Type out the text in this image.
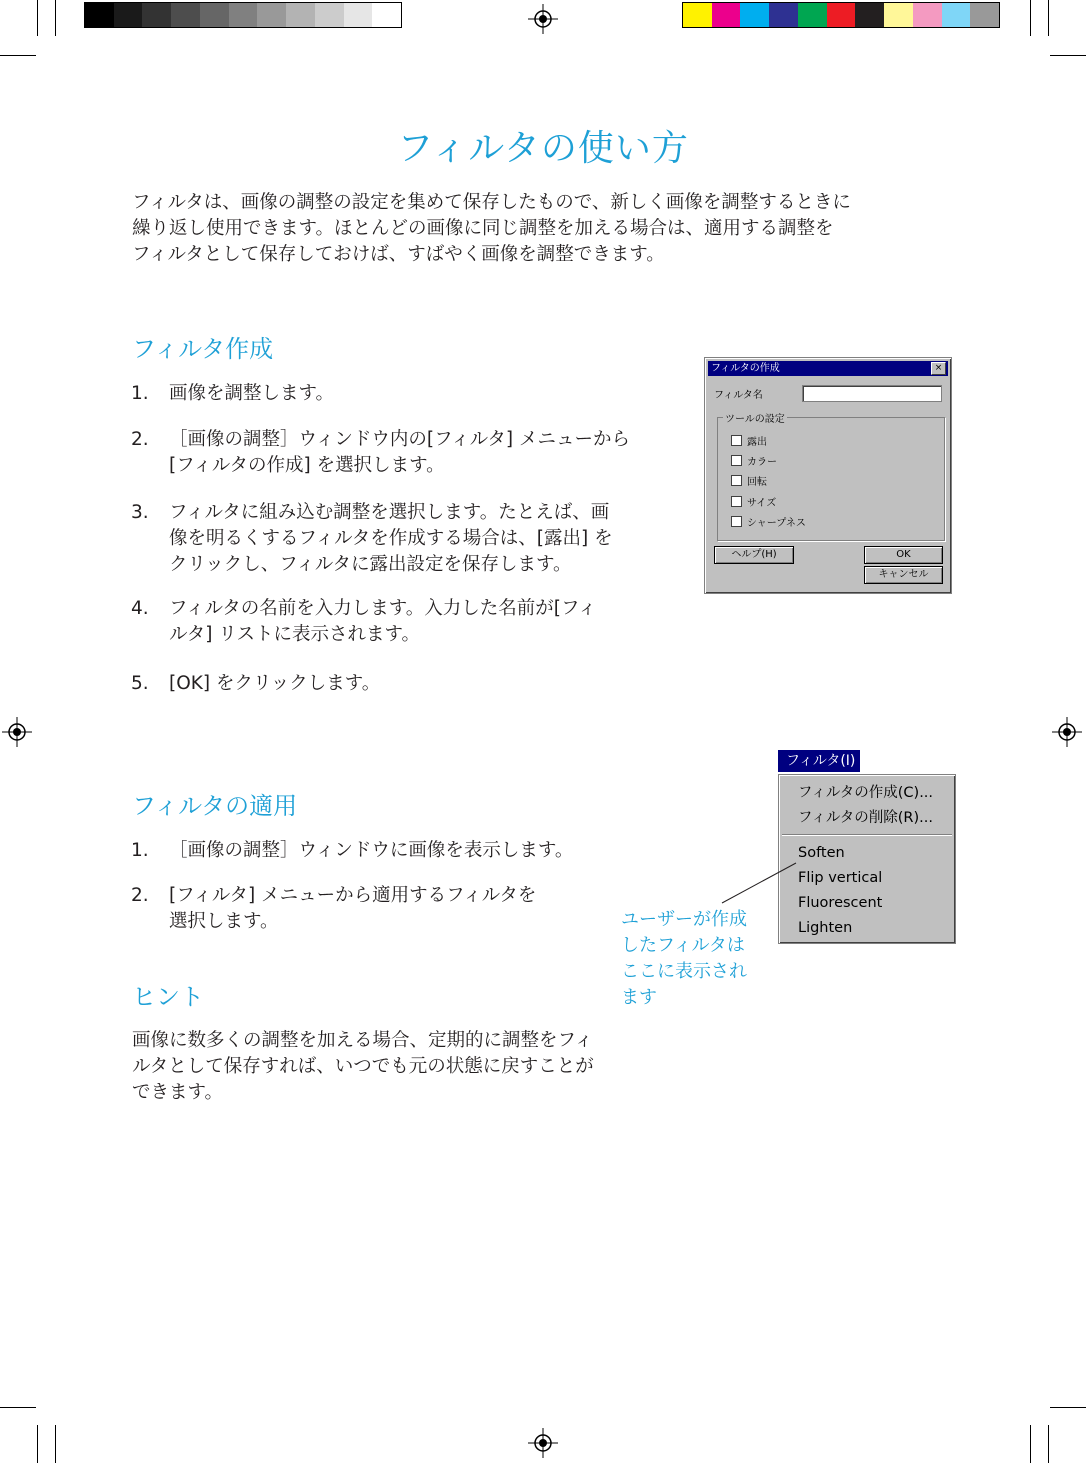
フィルタの使い方

フィルタは、画像の調整の設定を集めて保存したもので、新しく画像を調整するときに
繰り返し使用できます。ほとんどの画像に同じ調整を加える場合は、適用する調整を
フィルタとして保存しておけば、すばやく画像を調整できます。

フィルタ作成
1. 画像を調整します。
2. ［画像の調整］ウィンドウ内の[フィルタ] メニューから
[フィルタの作成] を選択します。
3. フィルタに組み込む調整を選択します。たとえば、画
像を明るくするフィルタを作成する場合は、[露出] を
クリックし、フィルタに露出設定を保存します。
4. フィルタの名前を入力します。入力した名前が[フィ
ルタ] リストに表示されます。
5. [OK] をクリックします。
フィルタの作成	×
フィルタ名
ツールの設定
露出
カラー
回転
サイズ
シャープネス
ヘルプ(H)	OK
キャンセル
フィルタの適用
1. ［画像の調整］ウィンドウに画像を表示します。
2. [フィルタ] メニューから適用するフィルタを
選択します。
フィルタ(I)
フィルタの作成(C)...
フィルタの削除(R)...
Soften
Flip vertical
Fluorescent
Lighten
ユーザーが作成
したフィルタは
ここに表示され
ます
ヒント
画像に数多くの調整を加える場合、定期的に調整をフィ
ルタとして保存すれば、いつでも元の状態に戻すことが
できます。
